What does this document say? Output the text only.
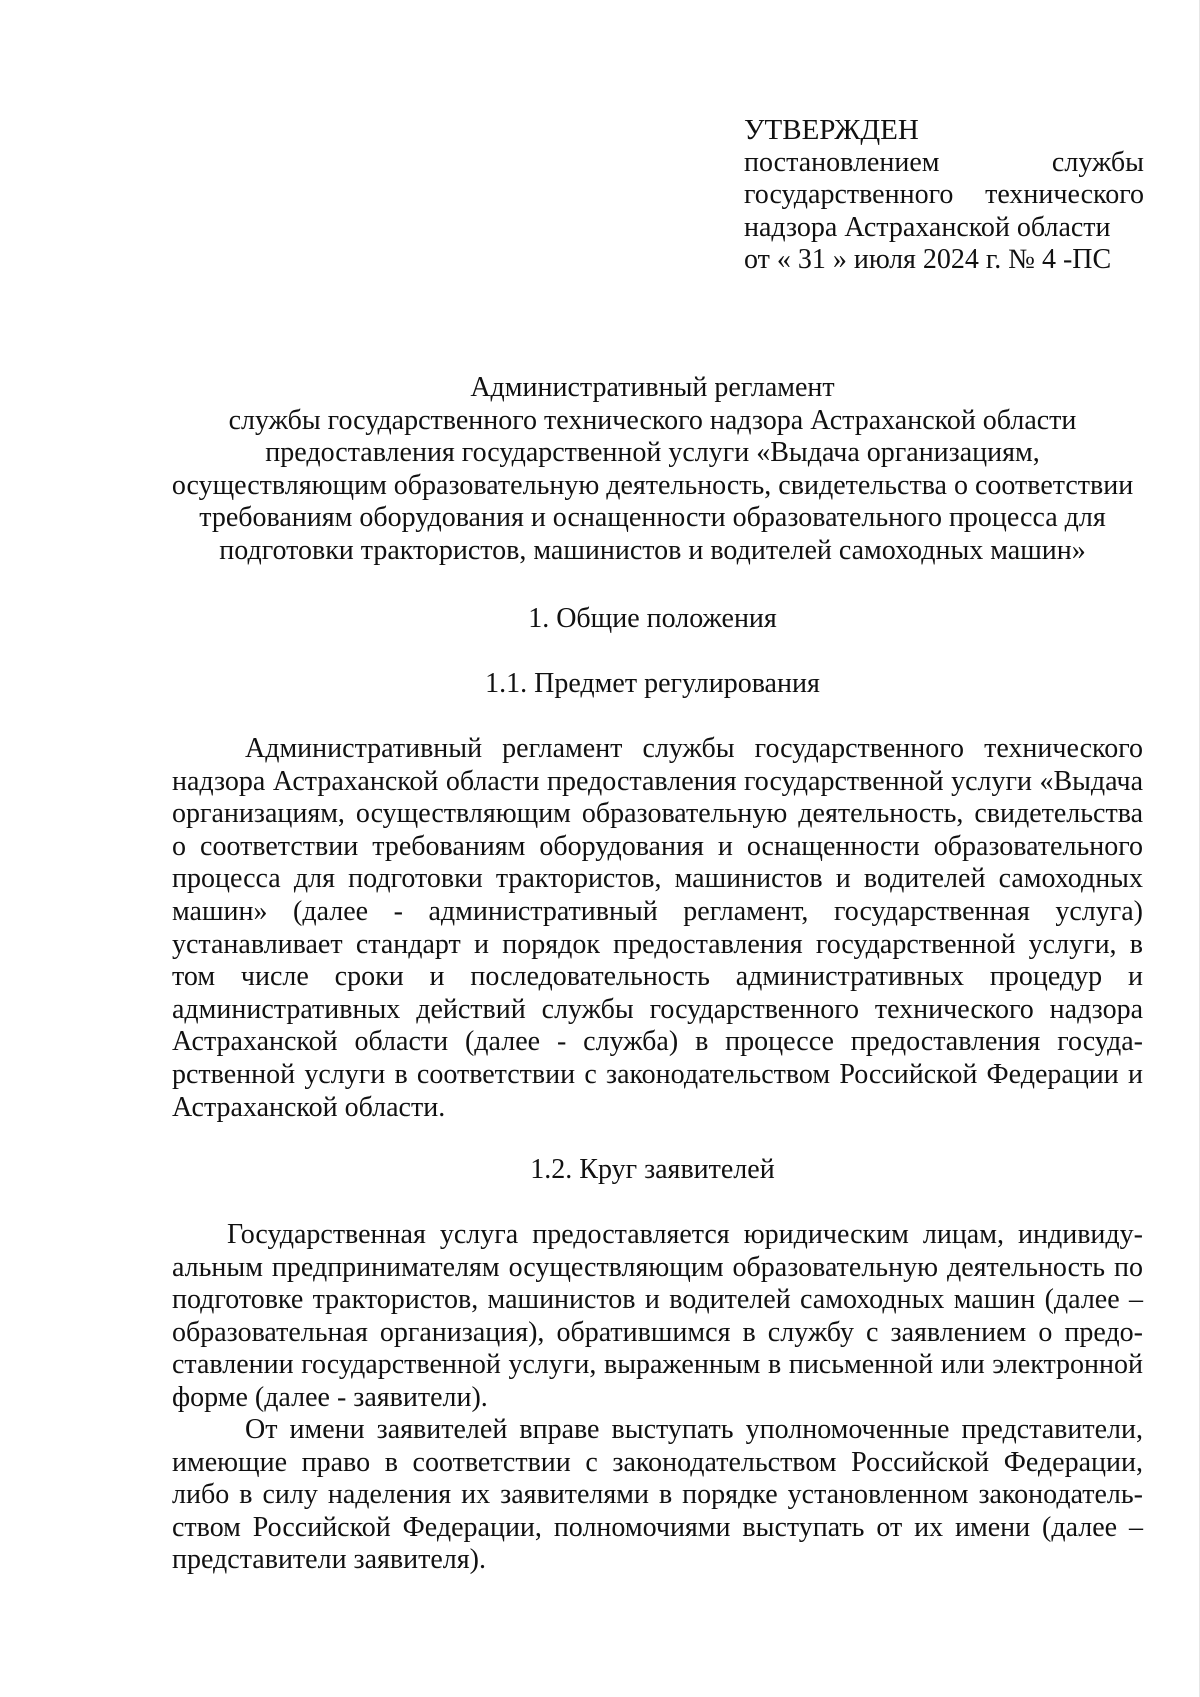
УТВЕРЖДЕН

постановлением службы государственного технического надзора Астраханской области

от « 31 » июля 2024 г. № 4 -ПС

Административный регламент
службы государственного технического надзора Астраханской области
предоставления государственной услуги «Выдача организациям,
осуществляющим образовательную деятельность, свидетельства о соответствии
требованиям оборудования и оснащенности образовательного процесса для
подготовки трактористов, машинистов и водителей самоходных машин»
1. Общие положения
1.1. Предмет регулирования

Административный регламент службы государственного технического надзора Астраханской области предоставления государственной услуги «Выдача организациям, осуществляющим образовательную деятельность, свидетельства о соответствии требованиям оборудования и оснащенности образовательного процесса для подготовки трактористов, машинистов и водителей самоходных машин» (далее - административный регламент, государственная услуга) устанавливает стандарт и порядок предоставления государственной услуги, в том числе сроки и последовательность административных процедур и административных действий службы государственного технического надзора Астраханской области (далее - служба) в процессе предоставления государственной услуги в соответствии с законодательством Российской Федерации и Астраханской области.

1.2. Круг заявителей

Государственная услуга предоставляется юридическим лицам, индивидуальным предпринимателям осуществляющим образовательную деятельность по подготовке трактористов, машинистов и водителей самоходных машин (далее – образовательная организация), обратившимся в службу с заявлением о предоставлении государственной услуги, выраженным в письменной или электронной форме (далее - заявители).

От имени заявителей вправе выступать уполномоченные представители, имеющие право в соответствии с законодательством Российской Федерации, либо в силу наделения их заявителями в порядке установленном законодательством Российской Федерации, полномочиями выступать от их имени (далее – представители заявителя).
